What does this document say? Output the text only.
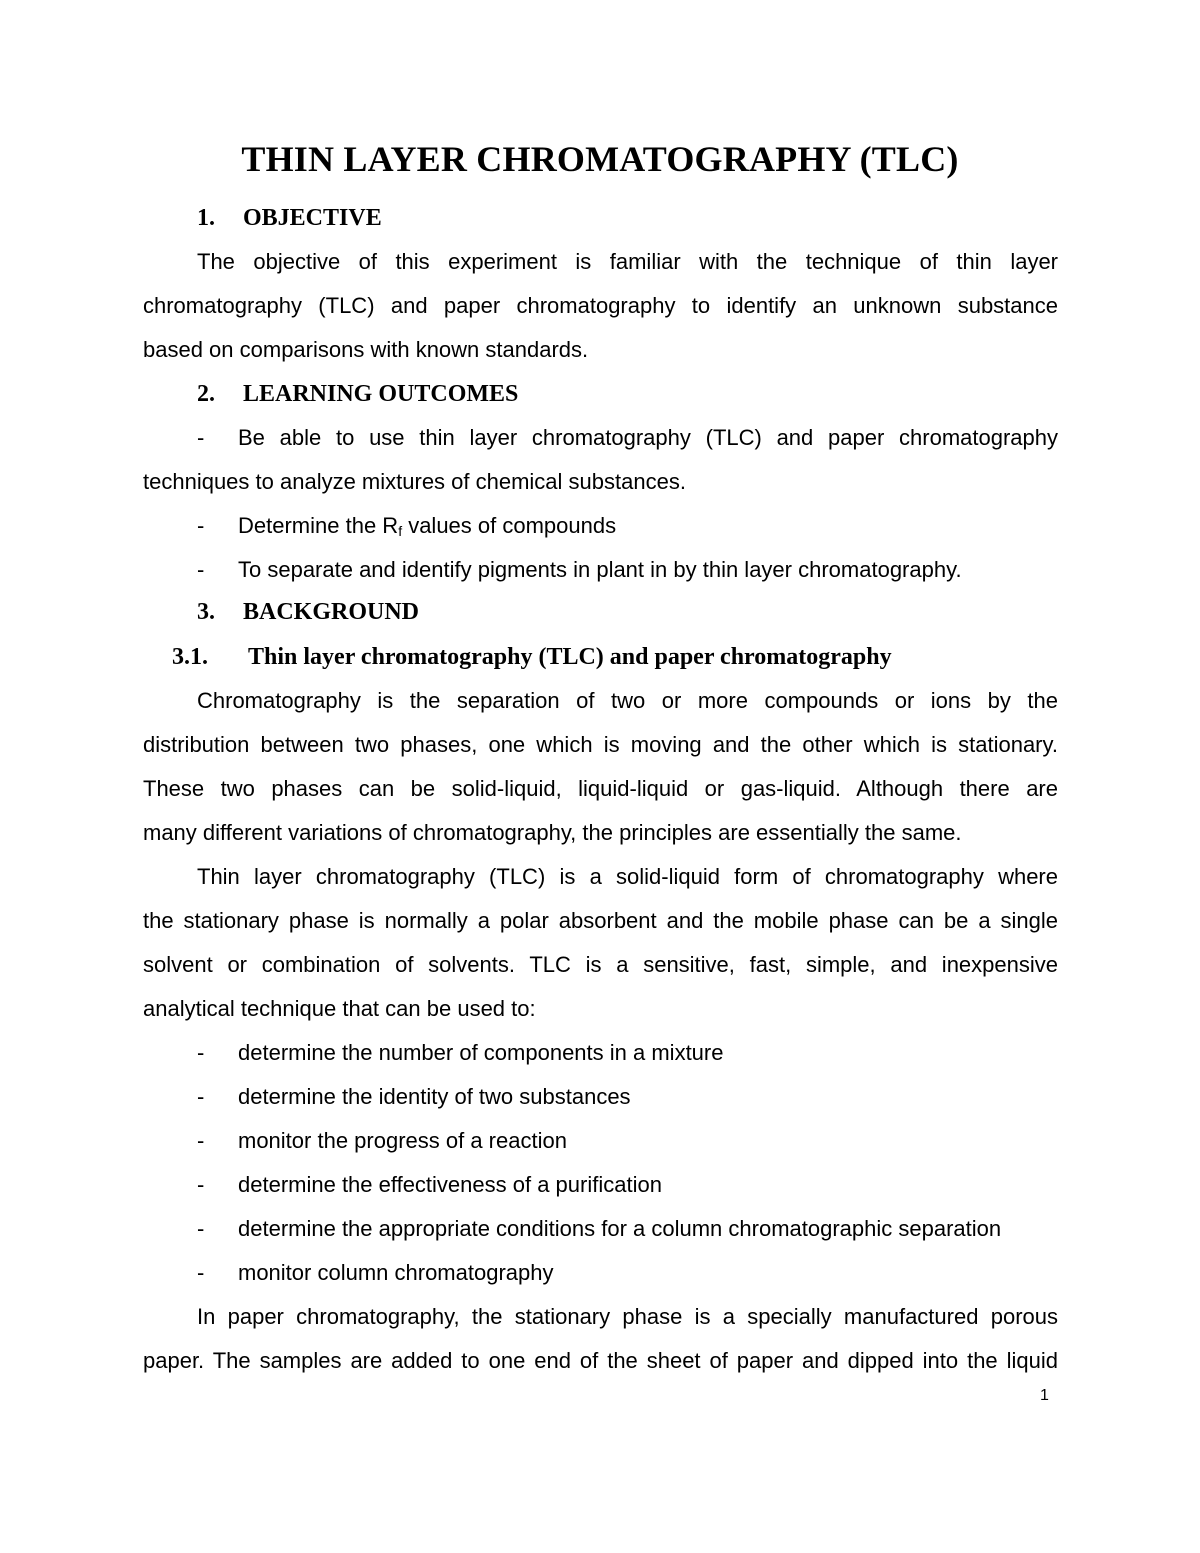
THIN LAYER CHROMATOGRAPHY (TLC)
1. OBJECTIVE
The objective of this experiment is familiar with the technique of thin layer
chromatography (TLC) and paper chromatography to identify an unknown substance
based on comparisons with known standards.
2. LEARNING OUTCOMES
- Be able to use thin layer chromatography (TLC) and paper chromatography
techniques to analyze mixtures of chemical substances.
- Determine the $R_f$ values of compounds
- To separate and identify pigments in plant in by thin layer chromatography.
3. BACKGROUND
3.1. Thin layer chromatography (TLC) and paper chromatography
Chromatography is the separation of two or more compounds or ions by the
distribution between two phases, one which is moving and the other which is stationary.
These two phases can be solid-liquid, liquid-liquid or gas-liquid. Although there are
many different variations of chromatography, the principles are essentially the same.
Thin layer chromatography (TLC) is a solid-liquid form of chromatography where
the stationary phase is normally a polar absorbent and the mobile phase can be a single
solvent or combination of solvents. TLC is a sensitive, fast, simple, and inexpensive
analytical technique that can be used to:
- determine the number of components in a mixture
- determine the identity of two substances
- monitor the progress of a reaction
- determine the effectiveness of a purification
- determine the appropriate conditions for a column chromatographic separation
- monitor column chromatography
In paper chromatography, the stationary phase is a specially manufactured porous
paper. The samples are added to one end of the sheet of paper and dipped into the liquid
1
